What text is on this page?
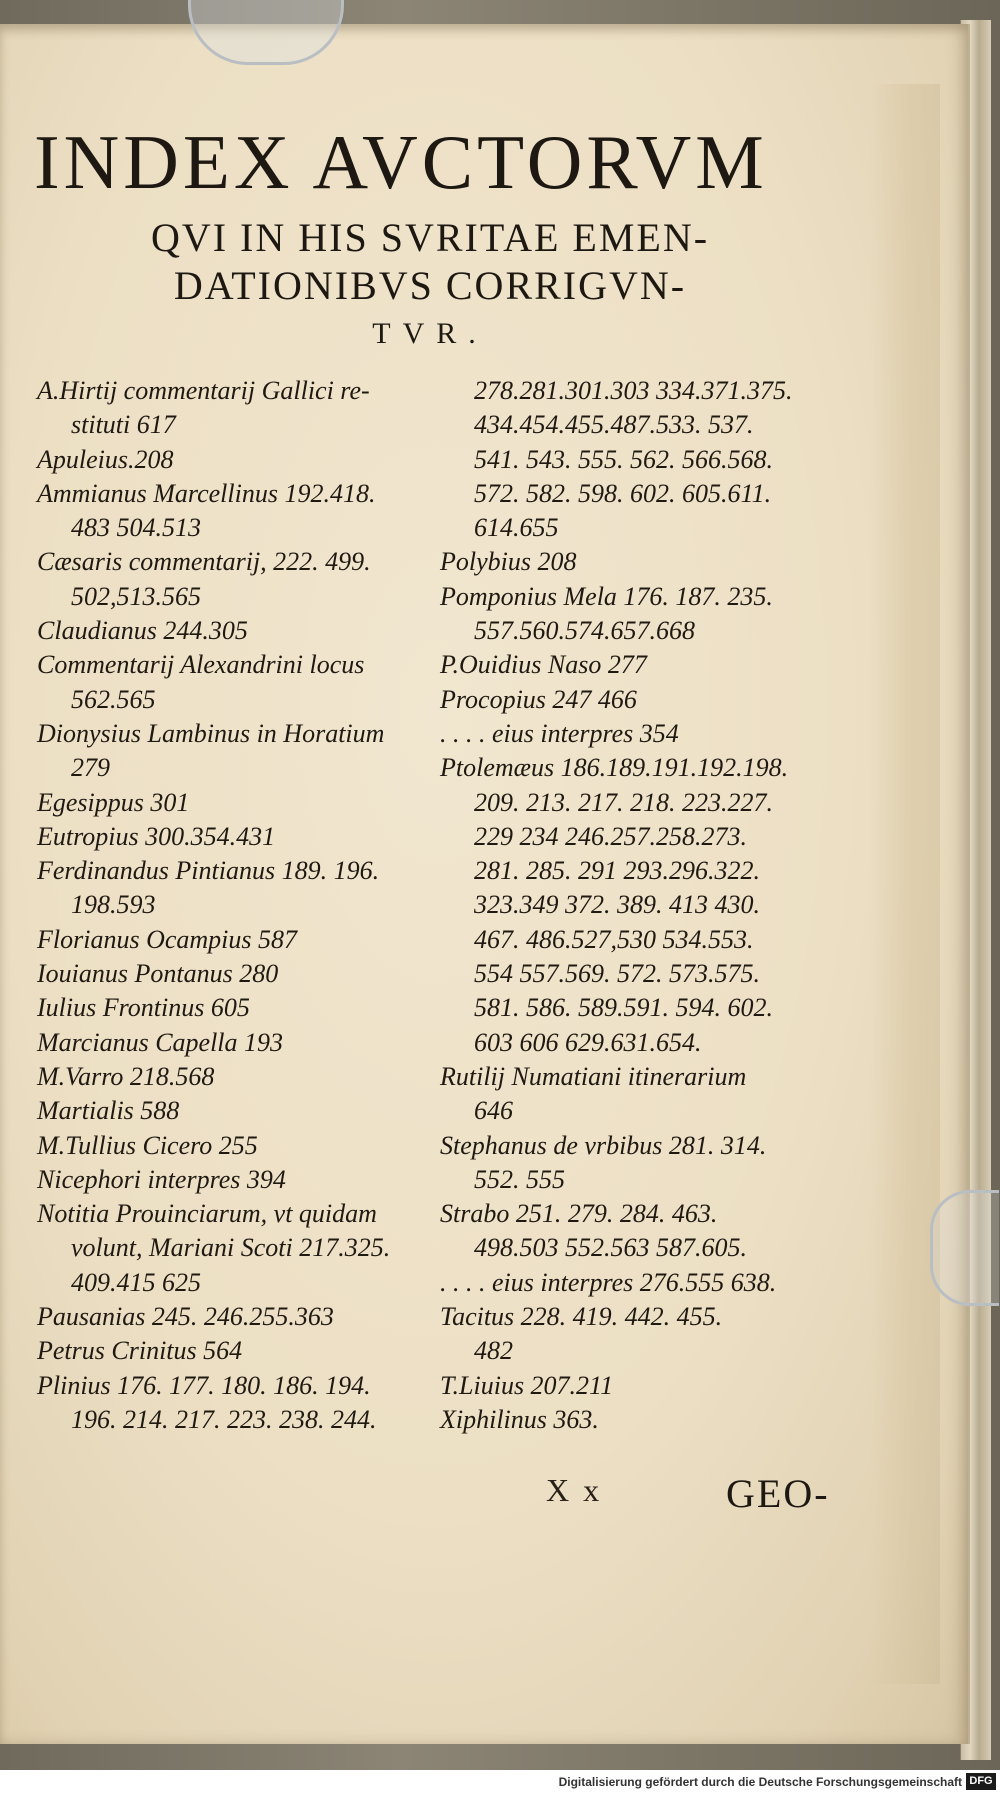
INDEX AVCTORVM
QVI IN HIS SVRITAE EMEN-
DATIONIBVS CORRIGVN-
TVR.
A.Hirtij commentarij Gallici re-
stituti 617
Apuleius.208
Ammianus Marcellinus 192.418.
483 504.513
Cæsaris commentarij, 222. 499.
502,513.565
Claudianus 244.305
Commentarij Alexandrini locus
562.565
Dionysius Lambinus in Horatium
279
Egesippus 301
Eutropius 300.354.431
Ferdinandus Pintianus 189. 196.
198.593
Florianus Ocampius 587
Iouianus Pontanus 280
Iulius Frontinus 605
Marcianus Capella 193
M.Varro 218.568
Martialis 588
M.Tullius Cicero 255
Nicephori interpres 394
Notitia Prouinciarum, vt quidam
volunt, Mariani Scoti 217.325.
409.415 625
Pausanias 245. 246.255.363
Petrus Crinitus 564
Plinius 176. 177. 180. 186. 194.
196. 214. 217. 223. 238. 244.
278.281.301.303 334.371.375.
434.454.455.487.533. 537.
541. 543. 555. 562. 566.568.
572. 582. 598. 602. 605.611.
614.655
Polybius 208
Pomponius Mela 176. 187. 235.
557.560.574.657.668
P.Ouidius Naso 277
Procopius 247 466
. . . . eius interpres 354
Ptolemæus 186.189.191.192.198.
209. 213. 217. 218. 223.227.
229 234 246.257.258.273.
281. 285. 291 293.296.322.
323.349 372. 389. 413 430.
467. 486.527,530 534.553.
554 557.569. 572. 573.575.
581. 586. 589.591. 594. 602.
603 606 629.631.654.
Rutilij Numatiani itinerarium
646
Stephanus de vrbibus 281. 314.
552. 555
Strabo 251. 279. 284. 463.
498.503 552.563 587.605.
. . . . eius interpres 276.555 638.
Tacitus 228. 419. 442. 455.
482
T.Liuius 207.211
Xiphilinus 363.
X x	GEO-
Digitalisierung gefördert durch die Deutsche Forschungsgemeinschaft DFG
